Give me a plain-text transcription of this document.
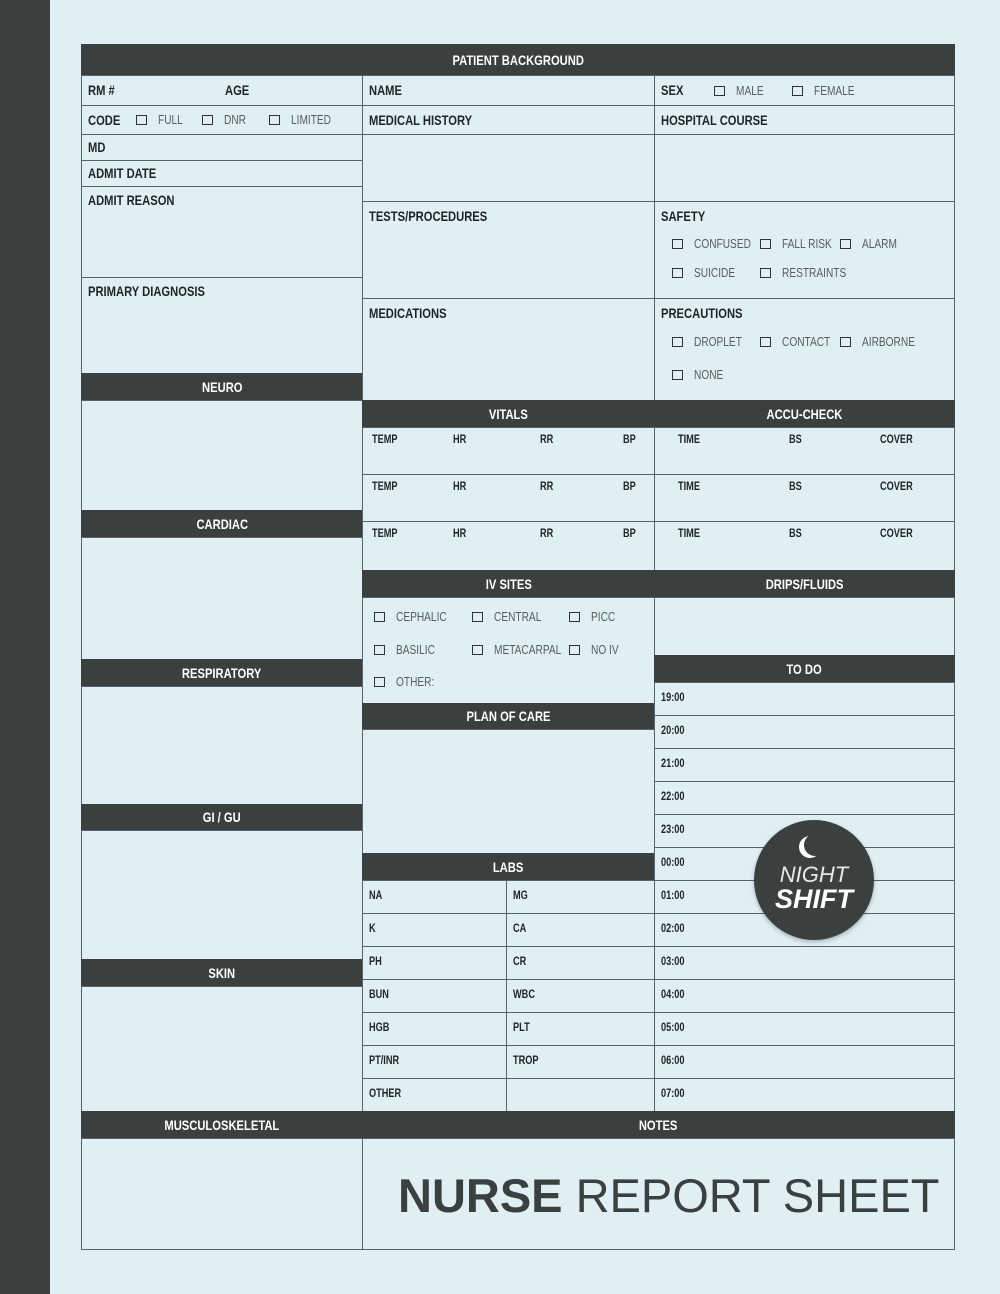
PATIENT BACKGROUND
RM #	AGE
CODE	FULL	DNR	LIMITED
MD
ADMIT DATE
ADMIT REASON
PRIMARY DIAGNOSIS
NEURO
CARDIAC
RESPIRATORY
GI / GU
SKIN
MUSCULOSKELETAL
NAME
MEDICAL HISTORY
TESTS/PROCEDURES
MEDICATIONS
VITALS
SEX	MALE	FEMALE
HOSPITAL COURSE
SAFETY
CONFUSED FALL RISK ALARM
SUICIDE	RESTRAINTS
PRECAUTIONS
DROPLET	CONTACT AIRBORNE
NONE
ACCU-CHECK
TEMP	HR	RR	BP	TIME	BS	COVER
TEMP	HR	RR	BP	TIME	BS	COVER
TEMP	HR	RR	BP	TIME	BS	COVER
IV SITES
CEPHALIC	CENTRAL	PICC
BASILIC	METACARPAL NO IV
OTHER:
DRIPS/FLUIDS
PLAN OF CARE
LABS
NA	MG
K	CA
PH	CR
BUN	WBC
HGB	PLT
PT/INR	TROP
OTHER
TO DO
19:00
20:00
21:00
22:00
23:00
00:00
01:00
02:00
03:00
04:00
05:00
06:00
07:00
NOTES
NIGHT
SHIFT
NURSE REPORT SHEET
